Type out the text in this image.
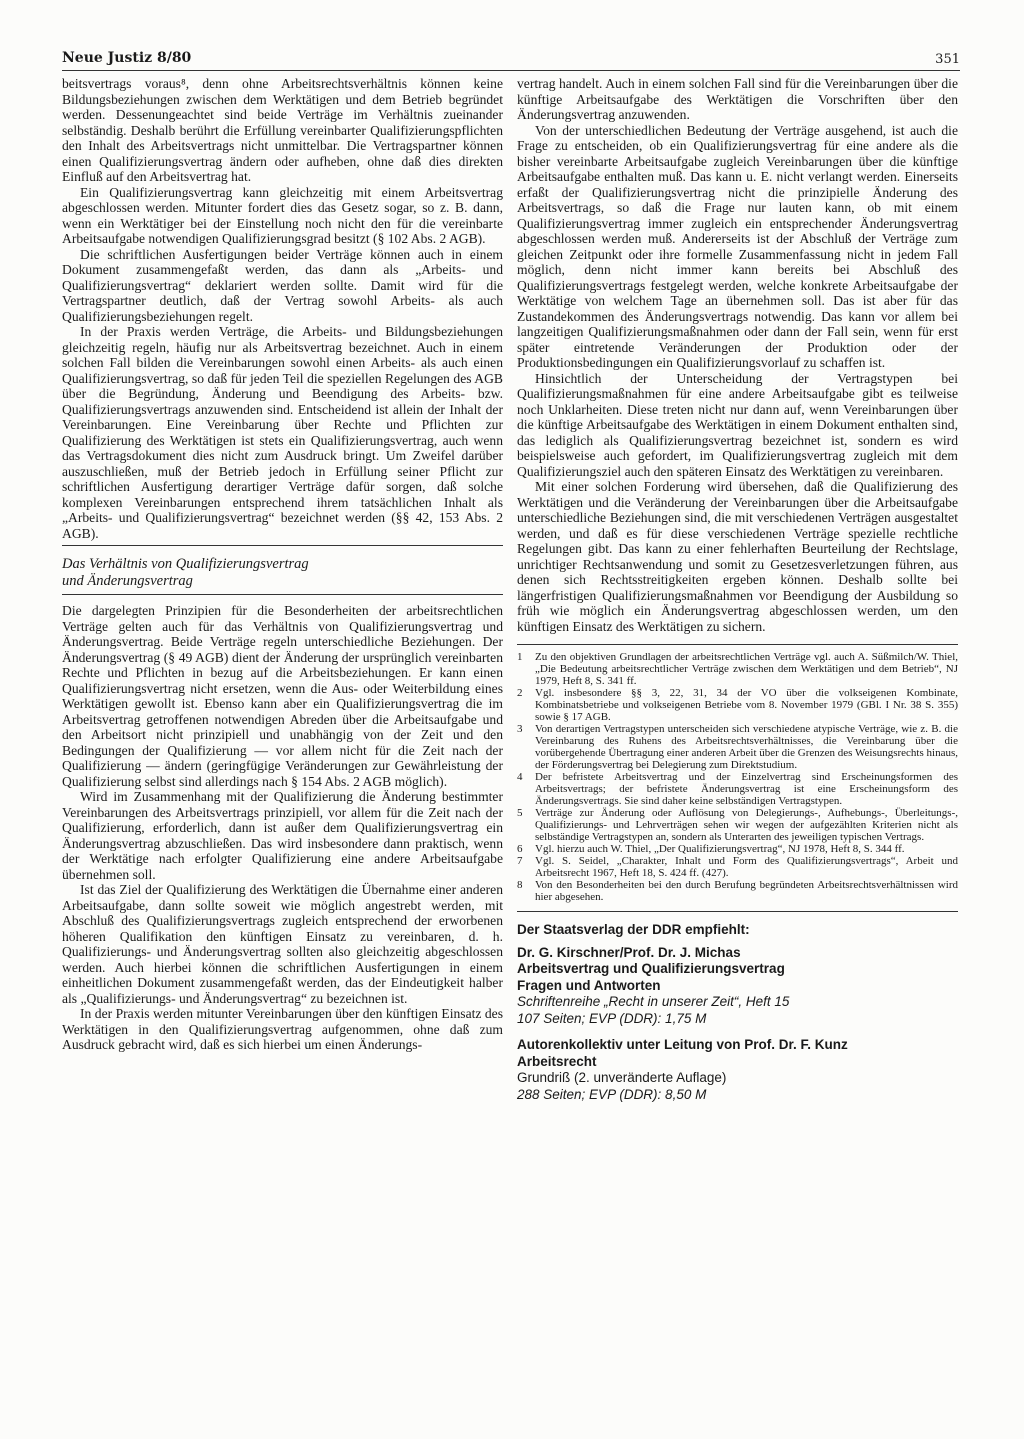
Neue Justiz 8/80	351

beitsvertrags voraus⁸, denn ohne Arbeitsrechtsverhältnis können keine Bildungsbeziehungen zwischen dem Werktätigen und dem Betrieb begründet werden. Dessenungeachtet sind beide Verträge im Verhältnis zueinander selbständig. Deshalb berührt die Erfüllung vereinbarter Qualifizierungspflichten den Inhalt des Arbeitsvertrags nicht unmittelbar. Die Vertragspartner können einen Qualifizierungsvertrag ändern oder aufheben, ohne daß dies direkten Einfluß auf den Arbeitsvertrag hat.

Ein Qualifizierungsvertrag kann gleichzeitig mit einem Arbeitsvertrag abgeschlossen werden. Mitunter fordert dies das Gesetz sogar, so z. B. dann, wenn ein Werktätiger bei der Einstellung noch nicht den für die vereinbarte Arbeitsaufgabe notwendigen Qualifizierungsgrad besitzt (§ 102 Abs. 2 AGB).

Die schriftlichen Ausfertigungen beider Verträge können auch in einem Dokument zusammengefaßt werden, das dann als „Arbeits- und Qualifizierungsvertrag“ deklariert werden sollte. Damit wird für die Vertragspartner deutlich, daß der Vertrag sowohl Arbeits- als auch Qualifizierungsbeziehungen regelt.

In der Praxis werden Verträge, die Arbeits- und Bildungsbeziehungen gleichzeitig regeln, häufig nur als Arbeitsvertrag bezeichnet. Auch in einem solchen Fall bilden die Vereinbarungen sowohl einen Arbeits- als auch einen Qualifizierungsvertrag, so daß für jeden Teil die speziellen Regelungen des AGB über die Begründung, Änderung und Beendigung des Arbeits- bzw. Qualifizierungsvertrags anzuwenden sind. Entscheidend ist allein der Inhalt der Vereinbarungen. Eine Vereinbarung über Rechte und Pflichten zur Qualifizierung des Werktätigen ist stets ein Qualifizierungsvertrag, auch wenn das Vertragsdokument dies nicht zum Ausdruck bringt. Um Zweifel darüber auszuschließen, muß der Betrieb jedoch in Erfüllung seiner Pflicht zur schriftlichen Ausfertigung derartiger Verträge dafür sorgen, daß solche komplexen Vereinbarungen entsprechend ihrem tatsächlichen Inhalt als „Arbeits- und Qualifizierungsvertrag“ bezeichnet werden (§§ 42, 153 Abs. 2 AGB).

Das Verhältnis von Qualifizierungsvertrag
und Änderungsvertrag

Die dargelegten Prinzipien für die Besonderheiten der arbeitsrechtlichen Verträge gelten auch für das Verhältnis von Qualifizierungsvertrag und Änderungsvertrag. Beide Verträge regeln unterschiedliche Beziehungen. Der Änderungsvertrag (§ 49 AGB) dient der Änderung der ursprünglich vereinbarten Rechte und Pflichten in bezug auf die Arbeitsbeziehungen. Er kann einen Qualifizierungsvertrag nicht ersetzen, wenn die Aus- oder Weiterbildung eines Werktätigen gewollt ist. Ebenso kann aber ein Qualifizierungsvertrag die im Arbeitsvertrag getroffenen notwendigen Abreden über die Arbeitsaufgabe und den Arbeitsort nicht prinzipiell und unabhängig von der Zeit und den Bedingungen der Qualifizierung — vor allem nicht für die Zeit nach der Qualifizierung — ändern (geringfügige Veränderungen zur Gewährleistung der Qualifizierung selbst sind allerdings nach § 154 Abs. 2 AGB möglich).

Wird im Zusammenhang mit der Qualifizierung die Änderung bestimmter Vereinbarungen des Arbeitsvertrags prinzipiell, vor allem für die Zeit nach der Qualifizierung, erforderlich, dann ist außer dem Qualifizierungsvertrag ein Änderungsvertrag abzuschließen. Das wird insbesondere dann praktisch, wenn der Werktätige nach erfolgter Qualifizierung eine andere Arbeitsaufgabe übernehmen soll.

Ist das Ziel der Qualifizierung des Werktätigen die Übernahme einer anderen Arbeitsaufgabe, dann sollte soweit wie möglich angestrebt werden, mit Abschluß des Qualifizierungsvertrags zugleich entsprechend der erworbenen höheren Qualifikation den künftigen Einsatz zu vereinbaren, d. h. Qualifizierungs- und Änderungsvertrag sollten also gleichzeitig abgeschlossen werden. Auch hierbei können die schriftlichen Ausfertigungen in einem einheitlichen Dokument zusammengefaßt werden, das der Eindeutigkeit halber als „Qualifizierungs- und Änderungsvertrag“ zu bezeichnen ist.

In der Praxis werden mitunter Vereinbarungen über den künftigen Einsatz des Werktätigen in den Qualifizierungsvertrag aufgenommen, ohne daß zum Ausdruck gebracht wird, daß es sich hierbei um einen Änderungs-

vertrag handelt. Auch in einem solchen Fall sind für die Vereinbarungen über die künftige Arbeitsaufgabe des Werktätigen die Vorschriften über den Änderungsvertrag anzuwenden.

Von der unterschiedlichen Bedeutung der Verträge ausgehend, ist auch die Frage zu entscheiden, ob ein Qualifizierungsvertrag für eine andere als die bisher vereinbarte Arbeitsaufgabe zugleich Vereinbarungen über die künftige Arbeitsaufgabe enthalten muß. Das kann u. E. nicht verlangt werden. Einerseits erfaßt der Qualifizierungsvertrag nicht die prinzipielle Änderung des Arbeitsvertrags, so daß die Frage nur lauten kann, ob mit einem Qualifizierungsvertrag immer zugleich ein entsprechender Änderungsvertrag abgeschlossen werden muß. Andererseits ist der Abschluß der Verträge zum gleichen Zeitpunkt oder ihre formelle Zusammenfassung nicht in jedem Fall möglich, denn nicht immer kann bereits bei Abschluß des Qualifizierungsvertrags festgelegt werden, welche konkrete Arbeitsaufgabe der Werktätige von welchem Tage an übernehmen soll. Das ist aber für das Zustandekommen des Änderungsvertrags notwendig. Das kann vor allem bei langzeitigen Qualifizierungsmaßnahmen oder dann der Fall sein, wenn für erst später eintretende Veränderungen der Produktion oder der Produktionsbedingungen ein Qualifizierungsvorlauf zu schaffen ist.

Hinsichtlich der Unterscheidung der Vertragstypen bei Qualifizierungsmaßnahmen für eine andere Arbeitsaufgabe gibt es teilweise noch Unklarheiten. Diese treten nicht nur dann auf, wenn Vereinbarungen über die künftige Arbeitsaufgabe des Werktätigen in einem Dokument enthalten sind, das lediglich als Qualifizierungsvertrag bezeichnet ist, sondern es wird beispielsweise auch gefordert, im Qualifizierungsvertrag zugleich mit dem Qualifizierungsziel auch den späteren Einsatz des Werktätigen zu vereinbaren.

Mit einer solchen Forderung wird übersehen, daß die Qualifizierung des Werktätigen und die Veränderung der Vereinbarungen über die Arbeitsaufgabe unterschiedliche Beziehungen sind, die mit verschiedenen Verträgen ausgestaltet werden, und daß es für diese verschiedenen Verträge spezielle rechtliche Regelungen gibt. Das kann zu einer fehlerhaften Beurteilung der Rechtslage, unrichtiger Rechtsanwendung und somit zu Gesetzesverletzungen führen, aus denen sich Rechtsstreitigkeiten ergeben können. Deshalb sollte bei längerfristigen Qualifizierungsmaßnahmen vor Beendigung der Ausbildung so früh wie möglich ein Änderungsvertrag abgeschlossen werden, um den künftigen Einsatz des Werktätigen zu sichern.

1	Zu den objektiven Grundlagen der arbeitsrechtlichen Verträge vgl. auch A. Süßmilch/W. Thiel, „Die Bedeutung arbeitsrechtlicher Verträge zwischen dem Werktätigen und dem Betrieb“, NJ 1979, Heft 8, S. 341 ff.
2	Vgl. insbesondere §§ 3, 22, 31, 34 der VO über die volkseigenen Kombinate, Kombinatsbetriebe und volkseigenen Betriebe vom 8. November 1979 (GBl. I Nr. 38 S. 355) sowie § 17 AGB.
3	Von derartigen Vertragstypen unterscheiden sich verschiedene atypische Verträge, wie z. B. die Vereinbarung des Ruhens des Arbeitsrechtsverhältnisses, die Vereinbarung über die vorübergehende Übertragung einer anderen Arbeit über die Grenzen des Weisungsrechts hinaus, der Förderungsvertrag bei Delegierung zum Direktstudium.
4	Der befristete Arbeitsvertrag und der Einzelvertrag sind Erscheinungsformen des Arbeitsvertrags; der befristete Änderungsvertrag ist eine Erscheinungsform des Änderungsvertrags. Sie sind daher keine selbständigen Vertragstypen.
5	Verträge zur Änderung oder Auflösung von Delegierungs-, Aufhebungs-, Überleitungs-, Qualifizierungs- und Lehrverträgen sehen wir wegen der aufgezählten Kriterien nicht als selbständige Vertragstypen an, sondern als Unterarten des jeweiligen typischen Vertrags.
6	Vgl. hierzu auch W. Thiel, „Der Qualifizierungsvertrag“, NJ 1978, Heft 8, S. 344 ff.
7	Vgl. S. Seidel, „Charakter, Inhalt und Form des Qualifizierungsvertrags“, Arbeit und Arbeitsrecht 1967, Heft 18, S. 424 ff. (427).
8	Von den Besonderheiten bei den durch Berufung begründeten Arbeitsrechtsverhältnissen wird hier abgesehen.
Der Staatsverlag der DDR empfiehlt:
Dr. G. Kirschner/Prof. Dr. J. Michas
Arbeitsvertrag und Qualifizierungsvertrag
Fragen und Antworten
Schriftenreihe „Recht in unserer Zeit“, Heft 15
107 Seiten; EVP (DDR): 1,75 M
Autorenkollektiv unter Leitung von Prof. Dr. F. Kunz
Arbeitsrecht
Grundriß (2. unveränderte Auflage)
288 Seiten; EVP (DDR): 8,50 M
